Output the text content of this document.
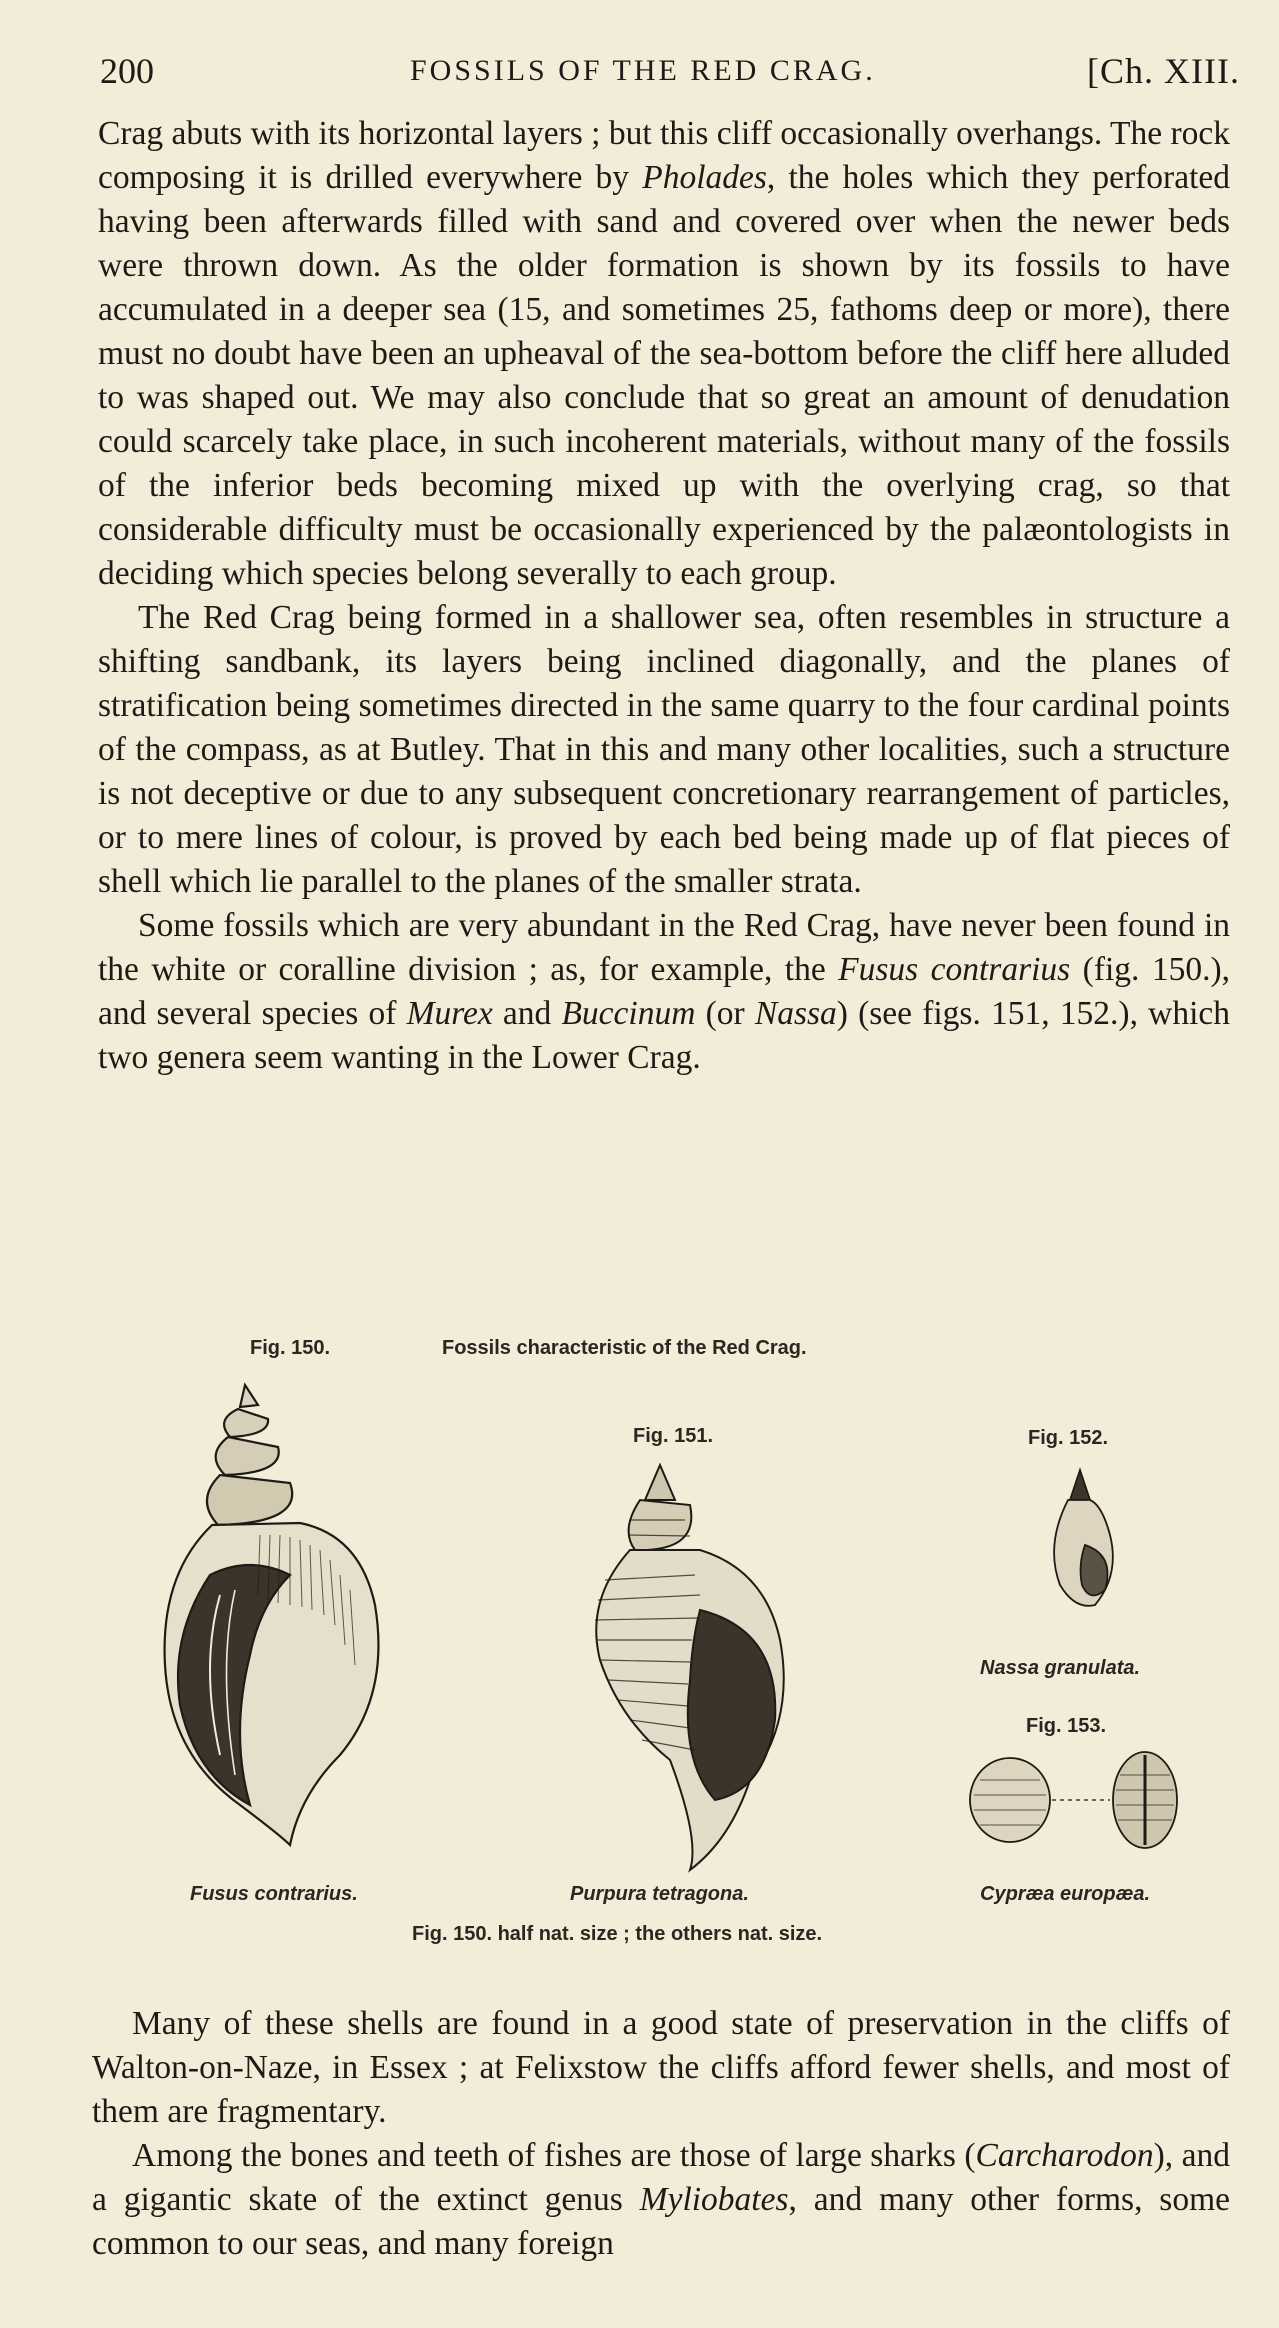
200	FOSSILS OF THE RED CRAG.	[Ch. XIII.

Crag abuts with its horizontal layers ; but this cliff occasionally overhangs. The rock composing it is drilled everywhere by Pholades, the holes which they perforated having been afterwards filled with sand and covered over when the newer beds were thrown down. As the older formation is shown by its fossils to have accumulated in a deeper sea (15, and sometimes 25, fathoms deep or more), there must no doubt have been an upheaval of the sea-bottom before the cliff here alluded to was shaped out. We may also conclude that so great an amount of denudation could scarcely take place, in such incoherent materials, without many of the fossils of the inferior beds becoming mixed up with the overlying crag, so that considerable difficulty must be occasionally experienced by the palæontologists in deciding which species belong severally to each group.

The Red Crag being formed in a shallower sea, often resembles in structure a shifting sandbank, its layers being inclined diagonally, and the planes of stratification being sometimes directed in the same quarry to the four cardinal points of the compass, as at Butley. That in this and many other localities, such a structure is not deceptive or due to any subsequent concretionary rearrangement of particles, or to mere lines of colour, is proved by each bed being made up of flat pieces of shell which lie parallel to the planes of the smaller strata.

Some fossils which are very abundant in the Red Crag, have never been found in the white or coralline division ; as, for example, the Fusus contrarius (fig. 150.), and several species of Murex and Buccinum (or Nassa) (see figs. 151, 152.), which two genera seem wanting in the Lower Crag.

Fig. 150.	Fossils characteristic of the Red Crag.
Fig. 151.	Fig. 152.
Nassa granulata.
Fig. 153.
Fusus contrarius.	Purpura tetragona.	Cypræa europæa.
Fig. 150. half nat. size ; the others nat. size.

Many of these shells are found in a good state of preservation in the cliffs of Walton-on-Naze, in Essex ; at Felixstow the cliffs afford fewer shells, and most of them are fragmentary.

Among the bones and teeth of fishes are those of large sharks (Carcharodon), and a gigantic skate of the extinct genus Myliobates, and many other forms, some common to our seas, and many foreign
